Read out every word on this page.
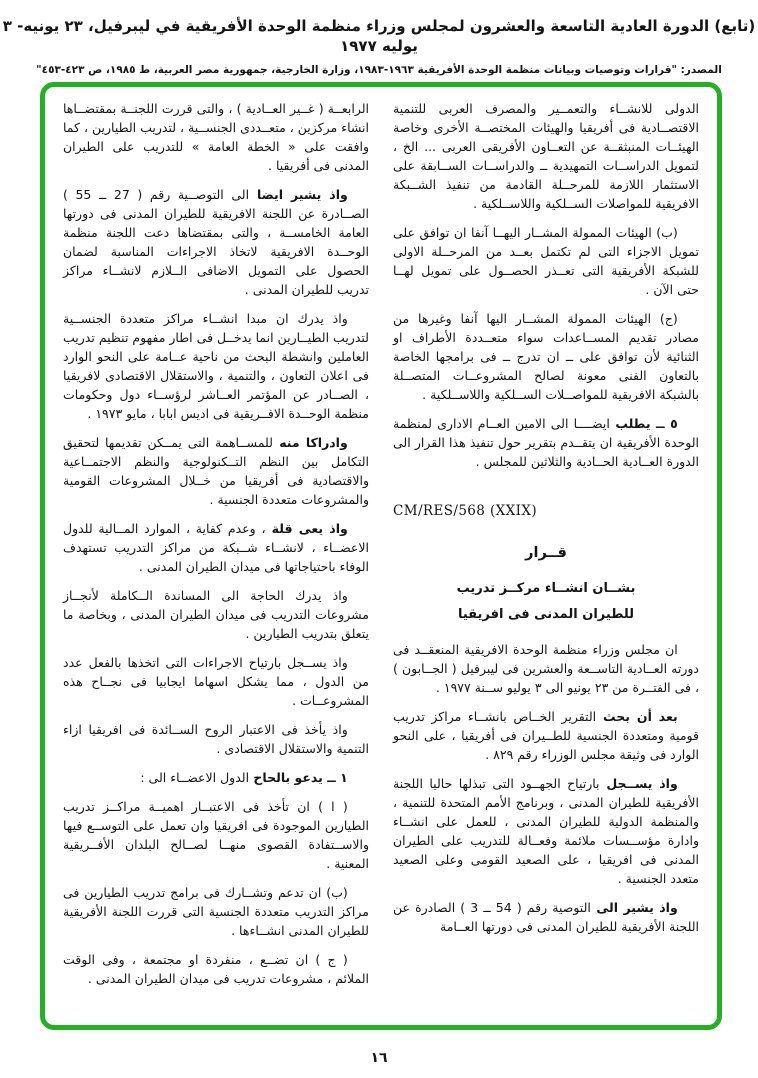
(تابع) الدورة العادية التاسعة والعشرون لمجلس وزراء منظمة الوحدة الأفريقية في ليبرفيل، ٢٣ يونيه- ٣ يوليه ١٩٧٧
المصدر: "قرارات وتوصيات وبيانات منظمة الوحدة الأفريقية ١٩٦٣-١٩٨٣، وزارة الخارجية، جمهورية مصر العربية، ط ١٩٨٥، ص ٤٢٣-٤٥٣"

الدولى للانشــاء والتعمــير والمصرف العربى للتنمية الاقتصــادية فى أفريقيا والهيئات المختصــة الأخرى وخاصة الهيئــات المنبثقــة عن التعــاون الأفريقى العربى ... الخ ، لتمويل الدراســات التمهيدية ــ والدراســات الســابقة على الاستثمار اللازمة للمرحــلة القادمة من تنفيذ الشــبكة الافريقية للمواصلات الســلكية واللاســلكية .

(ب) الهيئات الممولة المشــار اليهــا آنفا ان توافق على تمويل الاجزاء التى لم تكتمل بعــد من المرحــلة الاولى للشبكة الأفريقية التى تعــذر الحصــول على تمويل لهــا حتى الآن .

(ج) الهيئات الممولة المشــار اليها آنفا وغيرها من مصادر تقديم المســاعدات سواء متعــددة الأطراف او الثنائية لأن توافق على ــ ان تدرج ــ فى برامجها الخاصة بالتعاون الفنى معونة لصالح المشروعــات المتصــلة بالشبكة الافريقية للمواصــلات الســلكية واللاســلكية .

٥ ــ يطلب ايضــــا الى الامين العــام الادارى لمنظمة الوحدة الأفريقية ان يتقــدم بتقرير حول تنفيذ هذا القرار الى الدورة العــادية الحــادية والثلاثين للمجلس .

CM/RES/568 (XXIX)
قــرار
بشــان انشــاء مركــز تدريب
للطيران المدنى فى افريقيا

ان مجلس وزراء منظمة الوحدة الافريقية المنعقــد فى دورته العــادية التاســعة والعشرين فى ليبرفيل ( الجــابون ) ، فى الفتــرة من ٢٣ يونيو الى ٣ يوليو ســنة ١٩٧٧ .

بعد أن بحث التقرير الخــاص بانشــاء مراكز تدريب قومية ومتعددة الجنسية للطــيران فى أفريقيا ، على النحو الوارد فى وثيقة مجلس الوزراء رقم ٨٢٩ .

واذ يســجل بارتياح الجهــود التى تبذلها حاليا اللجنة الأفريقية للطيران المدنى ، وبرنامج الأمم المتحدة للتنمية ، والمنظمة الدولية للطيران المدنى ، للعمل على انشــاء وادارة مؤســسات ملائمة وفعــالة للتدريب على الطيران المدنى فى افريقيا ، على الصعيد القومى وعلى الصعيد متعدد الجنسية .

واذ يشير الى التوصية رقم ( 54 ــ 3 ) الصادرة عن اللجنة الأفريقية للطيران المدنى فى دورتها العــامة

الرابعــة ( غــير العــادية ) ، والتى قررت اللجنــة بمقتضــاها انشاء مركزين ، متعــددى الجنســية ، لتدريب الطيارين ، كما وافقت على « الخطة العامة » للتدريب على الطيران المدنى فى أفريقيا .

واذ يشير ايضا الى التوصــية رقم ( 27 ــ 55 ) الصــادرة عن اللجنة الافريقية للطيران المدنى فى دورتها العامة الخامســة ، والتى بمقتضاها دعت اللجنة منظمة الوحــدة الافريقية لاتخاذ الاجراءات المناسبة لضمان الحصول على التمويل الاضافى الــلازم لانشــاء مراكز تدريب للطيران المدنى .

واذ يدرك ان مبدا انشــاء مراكز متعددة الجنســية لتدريب الطيــارين انما يدخــل فى اطار مفهوم تنظيم تدريب العاملين وانشطة البحث من ناحية عــامة على النحو الوارد فى اعلان التعاون ، والتنمية ، والاستقلال الاقتصادى لافريقيا ، الصــادر عن المؤتمر العــاشر لرؤســاء دول وحكومات منظمة الوحــدة الافــريقية فى اديس ابابا ، مايو ١٩٧٣ .

وادراكا منه للمســاهمة التى يمــكن تقديمها لتحقيق التكامل بين النظم التــكنولوجية والنظم الاجتمــاعية والاقتصادية فى أفريقيا من خــلال المشروعات القومية والمشروعات متعددة الجنسية .

واذ يعى قلة ، وعدم كفاية ، الموارد المــالية للدول الاعضــاء ، لانشــاء شــبكة من مراكز التدريب تستهدف الوفاء باحتياجاتها فى ميدان الطيران المدنى .

واذ يدرك الحاجة الى المساندة الــكاملة لأنجــاز مشروعات التدريب فى ميدان الطيران المدنى ، وبخاصة ما يتعلق بتدريب الطيارين .

واذ يســجل بارتياح الاجراءات التى اتخذها بالفعل عدد من الدول ، مما يشكل اسهاما ايجابيا فى نجــاح هذه المشروعــات .

واذ يأخذ فى الاعتبار الروح الســائدة فى افريقيا ازاء التنمية والاستقلال الاقتصادى .

١ ــ يدعو بالحاح الدول الاعضــاء الى :

( ا ) ان تأخذ فى الاعتبــار اهميــة مراكــز تدريب الطيارين الموجودة فى افريقيا وان تعمل على التوســع فيها والاســتفادة القصوى منهــا لصــالح البلدان الأفــريقية المعنية .

(ب) ان تدعم وتشــارك فى برامج تدريب الطيارين فى مراكز التدريب متعددة الجنسية التى قررت اللجنة الأفريقية للطيران المدنى انشــاءها .

( ج ) ان تضــع ، منفردة او مجتمعة ، وفى الوقت الملائم ، مشروعات تدريب فى ميدان الطيران المدنى .

١٦
